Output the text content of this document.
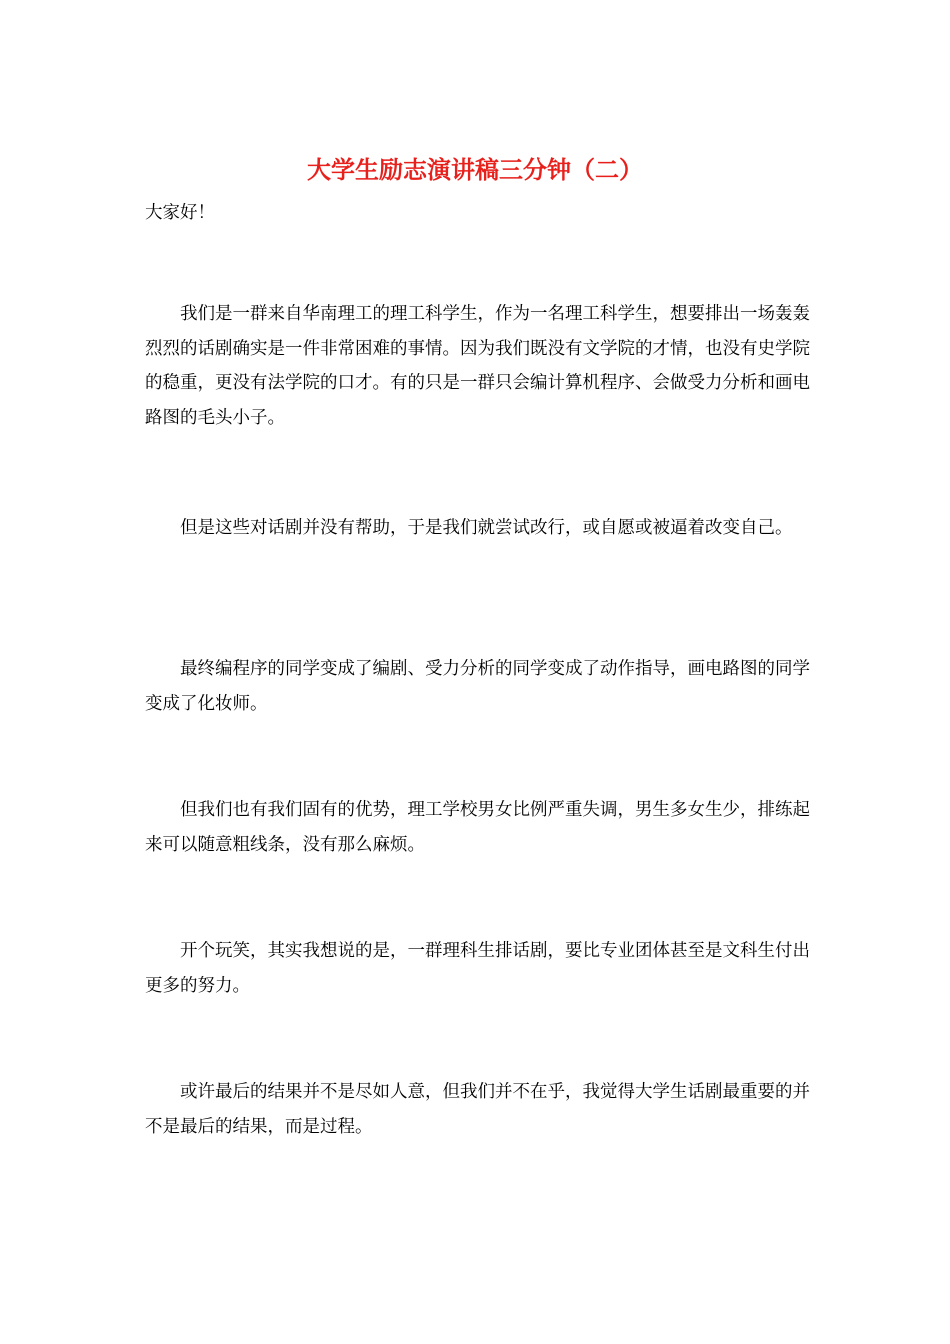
大学生励志演讲稿三分钟（二）

大家好！

我们是一群来自华南理工的理工科学生，作为一名理工科学生，想要排出一场轰轰烈烈的话剧确实是一件非常困难的事情。因为我们既没有文学院的才情，也没有史学院的稳重，更没有法学院的口才。有的只是一群只会编计算机程序、会做受力分析和画电路图的毛头小子。

但是这些对话剧并没有帮助，于是我们就尝试改行，或自愿或被逼着改变自己。

最终编程序的同学变成了编剧、受力分析的同学变成了动作指导，画电路图的同学变成了化妆师。

但我们也有我们固有的优势，理工学校男女比例严重失调，男生多女生少，排练起来可以随意粗线条，没有那么麻烦。

开个玩笑，其实我想说的是，一群理科生排话剧，要比专业团体甚至是文科生付出更多的努力。

或许最后的结果并不是尽如人意，但我们并不在乎，我觉得大学生话剧最重要的并不是最后的结果，而是过程。
